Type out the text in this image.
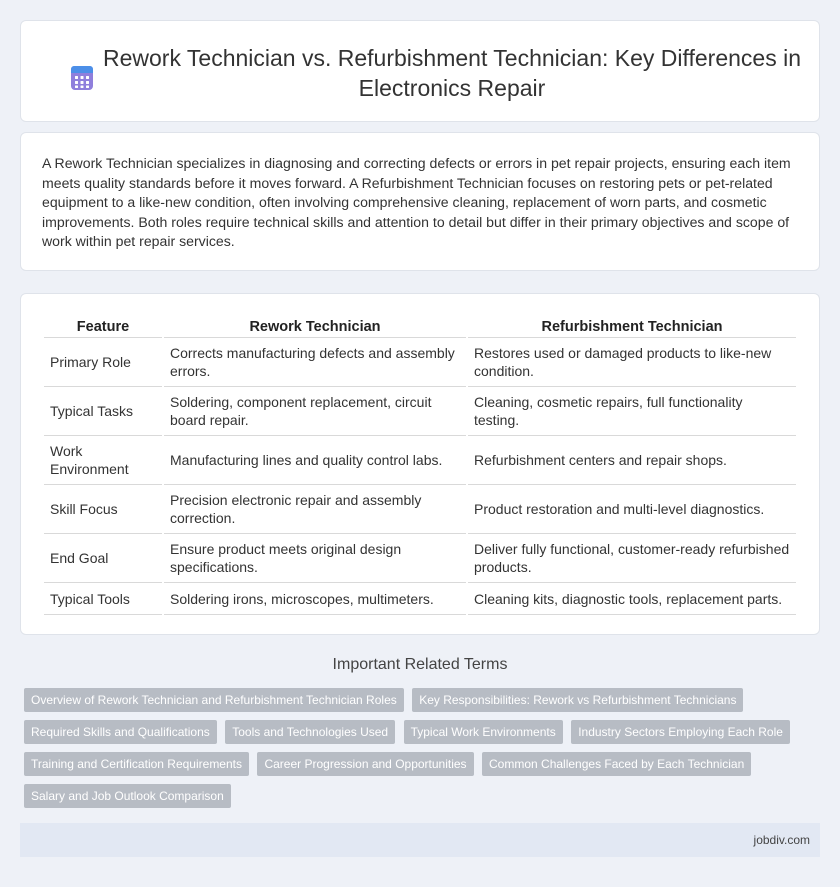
Rework Technician vs. Refurbishment Technician: Key Differences in Electronics Repair

A Rework Technician specializes in diagnosing and correcting defects or errors in pet repair projects, ensuring each item meets quality standards before it moves forward. A Refurbishment Technician focuses on restoring pets or pet-related equipment to a like-new condition, often involving comprehensive cleaning, replacement of worn parts, and cosmetic improvements. Both roles require technical skills and attention to detail but differ in their primary objectives and scope of work within pet repair services.

Feature	Rework Technician	Refurbishment Technician
Primary Role	Corrects manufacturing defects and assembly errors.	Restores used or damaged products to like-new condition.
Typical Tasks	Soldering, component replacement, circuit board repair.	Cleaning, cosmetic repairs, full functionality testing.
Work Environment	Manufacturing lines and quality control labs.	Refurbishment centers and repair shops.
Skill Focus	Precision electronic repair and assembly correction.	Product restoration and multi-level diagnostics.
End Goal	Ensure product meets original design specifications.	Deliver fully functional, customer-ready refurbished products.
Typical Tools	Soldering irons, microscopes, multimeters.	Cleaning kits, diagnostic tools, replacement parts.
Important Related Terms
Overview of Rework Technician and Refurbishment Technician Roles Key Responsibilities: Rework vs Refurbishment Technicians Required Skills and Qualifications Tools and Technologies Used Typical Work Environments Industry Sectors Employing Each Role Training and Certification Requirements Career Progression and Opportunities Common Challenges Faced by Each Technician Salary and Job Outlook Comparison
jobdiv.com
